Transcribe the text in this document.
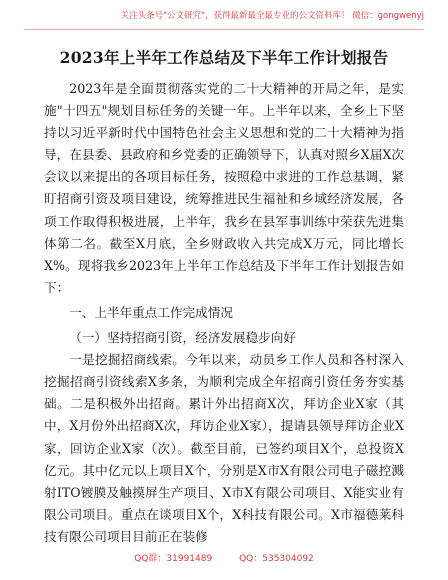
关注头条号"公文研究"，获得最新最全最专业的公文资料库！ 微信：gongwenyj
2023年上半年工作总结及下半年工作计划报告

2023年是全面贯彻落实党的二十大精神的开局之年，是实施"十四五"规划目标任务的关键一年。上半年以来，全乡上下坚持以习近平新时代中国特色社会主义思想和党的二十大精神为指导，在县委、县政府和乡党委的正确领导下，认真对照乡X届X次会议以来提出的各项目标任务，按照稳中求进的工作总基调，紧盯招商引资及项目建设，统筹推进民生福祉和乡域经济发展，各项工作取得积极进展，上半年，我乡在县军事训练中荣获先进集体第二名。截至X月底，全乡财政收入共完成X万元，同比增长X%。现将我乡2023年上半年工作总结及下半年工作计划报告如下：

一、上半年重点工作完成情况

（一）坚持招商引资，经济发展稳步向好

一是挖掘招商线索。今年以来，动员乡工作人员和各村深入挖掘招商引资线索X多条，为顺利完成全年招商引资任务夯实基础。二是积极外出招商。累计外出招商X次，拜访企业X家（其中，X月份外出招商X次，拜访企业X家），提请县领导拜访企业X家，回访企业X家（次）。截至目前，已签约项目X个，总投资X亿元。其中亿元以上项目X个，分别是X市X有限公司电子磁控溅射ITO镀膜及触摸屏生产项目、X市X有限公司项目、X能实业有限公司项目。重点在谈项目X个，X科技有限公司。X市福德莱科技有限公司项目目前正在装修

QQ群：31991489	QQ：535304092
